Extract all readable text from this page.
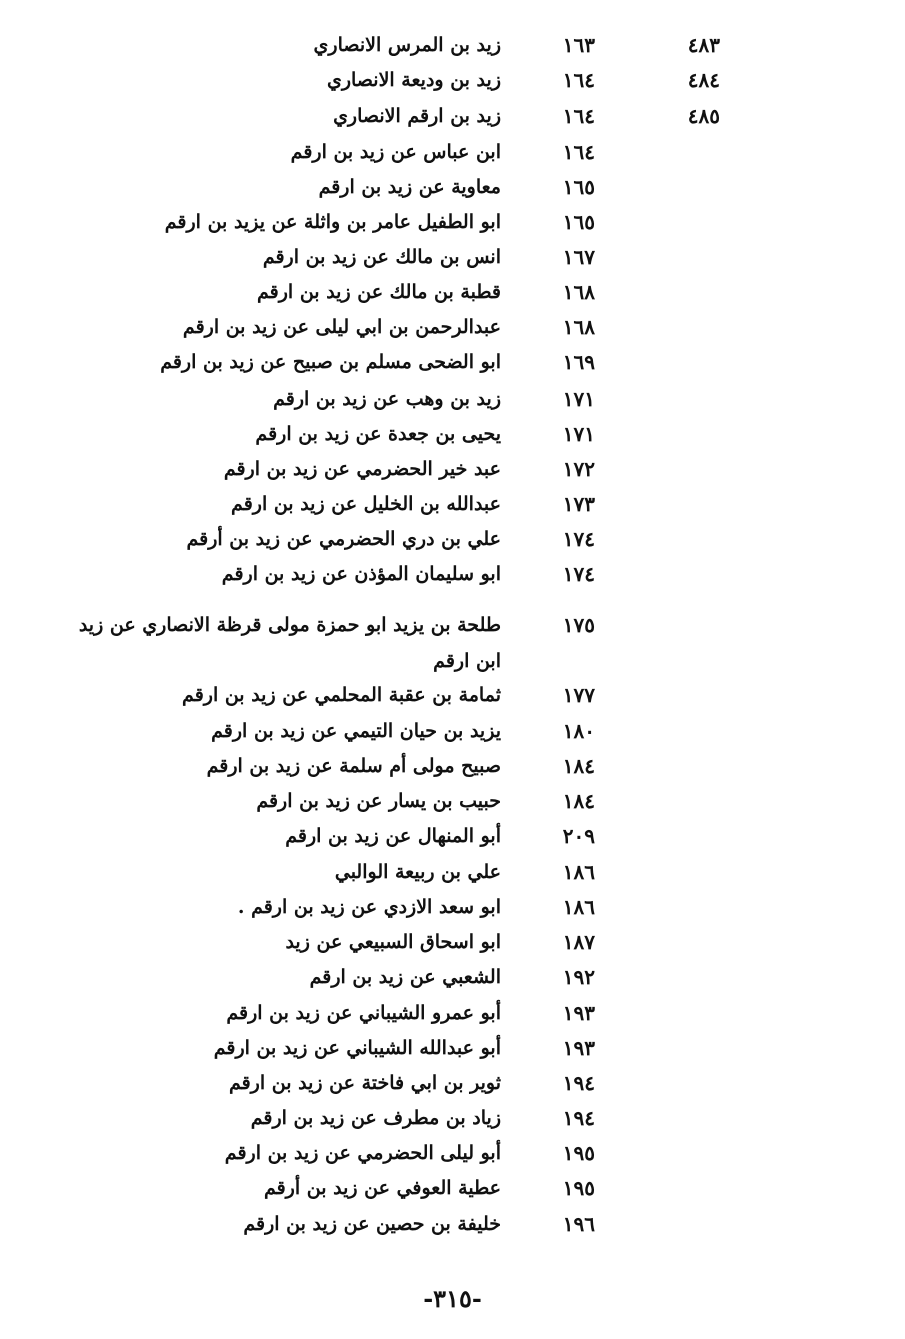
زيد بن المرس الانصاري	١٦٣	٤٨٣
زيد بن وديعة الانصاري	١٦٤	٤٨٤
زيد بن ارقم الانصاري	١٦٤	٤٨٥
ابن عباس عن زيد بن ارقم	١٦٤
معاوية عن زيد بن ارقم	١٦٥
ابو الطفيل عامر بن واثلة عن يزيد بن ارقم	١٦٥
انس بن مالك عن زيد بن ارقم	١٦٧
قطبة بن مالك عن زيد بن ارقم	١٦٨
عبدالرحمن بن ابي ليلى عن زيد بن ارقم	١٦٨
ابو الضحى مسلم بن صبيح عن زيد بن ارقم	١٦٩
زيد بن وهب عن زيد بن ارقم	١٧١
يحيى بن جعدة عن زيد بن ارقم	١٧١
عبد خير الحضرمي عن زيد بن ارقم	١٧٢
عبدالله بن الخليل عن زيد بن ارقم	١٧٣
علي بن دري الحضرمي عن زيد بن أرقم	١٧٤
ابو سليمان المؤذن عن زيد بن ارقم	١٧٤
طلحة بن يزيد ابو حمزة مولى قرظة الانصاري عن زيد	١٧٥
ابن ارقم
ثمامة بن عقبة المحلمي عن زيد بن ارقم	١٧٧
يزيد بن حيان التيمي عن زيد بن ارقم	١٨٠
صبيح مولى أم سلمة عن زيد بن ارقم	١٨٤
حبيب بن يسار عن زيد بن ارقم	١٨٤
أبو المنهال عن زيد بن ارقم	٢٠٩
علي بن ربيعة الوالبي	١٨٦
ابو سعد الازدي عن زيد بن ارقم .	١٨٦
ابو اسحاق السبيعي عن زيد	١٨٧
الشعبي عن زيد بن ارقم	١٩٢
أبو عمرو الشيباني عن زيد بن ارقم	١٩٣
أبو عبدالله الشيباني عن زيد بن ارقم	١٩٣
ثوير بن ابي فاختة عن زيد بن ارقم	١٩٤
زياد بن مطرف عن زيد بن ارقم	١٩٤
أبو ليلى الحضرمي عن زيد بن ارقم	١٩٥
عطية العوفي عن زيد بن أرقم	١٩٥
خليفة بن حصين عن زيد بن ارقم	١٩٦
-٣١٥-
